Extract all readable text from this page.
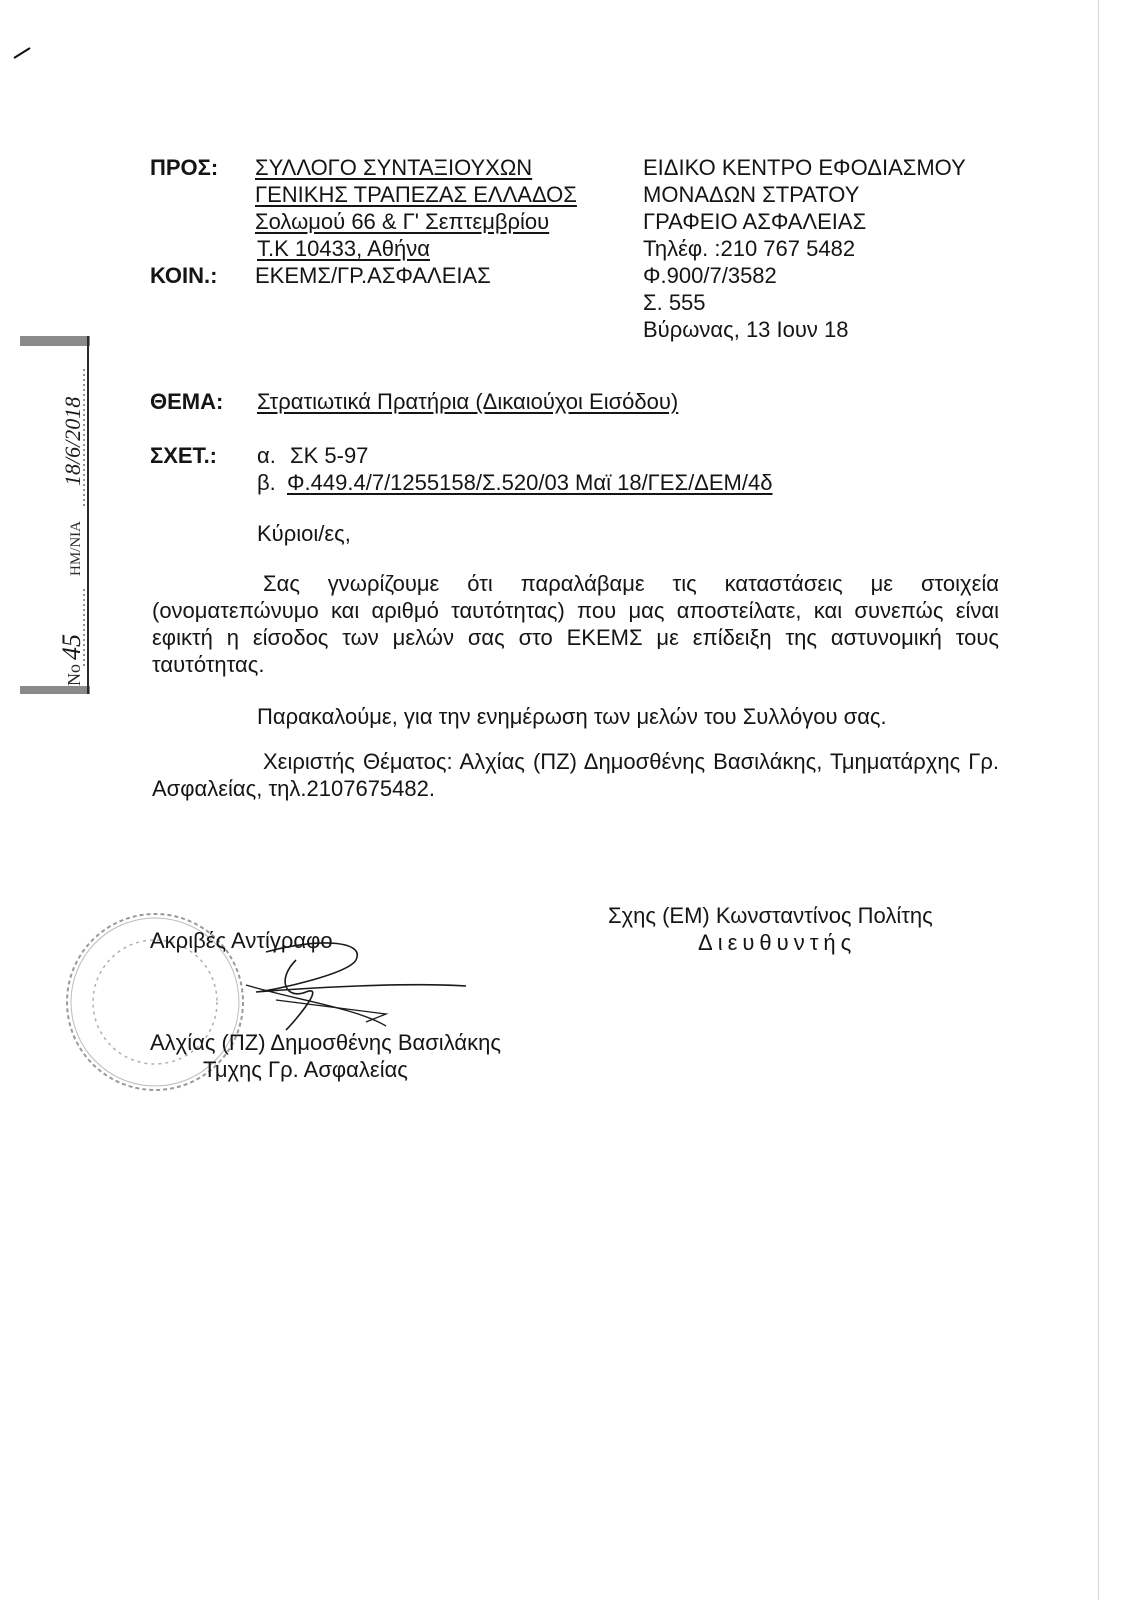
No
45
ΗΜ/ΝΙΑ
18/6/2018
ΠΡΟΣ: ΣΥΛΛΟΓΟ ΣΥΝΤΑΞΙΟΥΧΩΝ
ΓΕΝΙΚΗΣ ΤΡΑΠΕΖΑΣ ΕΛΛΑΔΟΣ
Σολωμού 66 & Γ' Σεπτεμβρίου
Τ.Κ 10433, Αθήνα
ΕΚΕΜΣ/ΓΡ.ΑΣΦΑΛΕΙΑΣ
ΚΟΙΝ.:
ΕΙΔΙΚΟ ΚΕΝΤΡΟ ΕΦΟΔΙΑΣΜΟΥ
ΜΟΝΑΔΩΝ ΣΤΡΑΤΟΥ
ΓΡΑΦΕΙΟ ΑΣΦΑΛΕΙΑΣ
Τηλέφ. :210 767 5482
Φ.900/7/3582
Σ. 555
Βύρωνας, 13 Ιουν 18
ΘΕΜΑ: Στρατιωτικά Πρατήρια (Δικαιούχοι Εισόδου)
ΣΧΕΤ.: α. ΣΚ 5-97
β. Φ.449.4/7/1255158/Σ.520/03 Μαϊ 18/ΓΕΣ/ΔΕΜ/4δ
Κύριοι/ες,
Σας γνωρίζουμε ότι παραλάβαμε τις καταστάσεις με στοιχεία (ονοματεπώνυμο και αριθμό ταυτότητας) που μας αποστείλατε, και συνεπώς είναι εφικτή η είσοδος των μελών σας στο ΕΚΕΜΣ με επίδειξη της αστυνομική τους ταυτότητας.
Παρακαλούμε, για την ενημέρωση των μελών του Συλλόγου σας.
Χειριστής Θέματος: Αλχίας (ΠΖ) Δημοσθένης Βασιλάκης, Τμηματάρχης Γρ. Ασφαλείας, τηλ.2107675482.
Σχης (ΕΜ) Κωνσταντίνος Πολίτης
Διευθυντής
Ακριβές Αντίγραφο
Αλχίας (ΠΖ) Δημοσθένης Βασιλάκης
Τμχης Γρ. Ασφαλείας
